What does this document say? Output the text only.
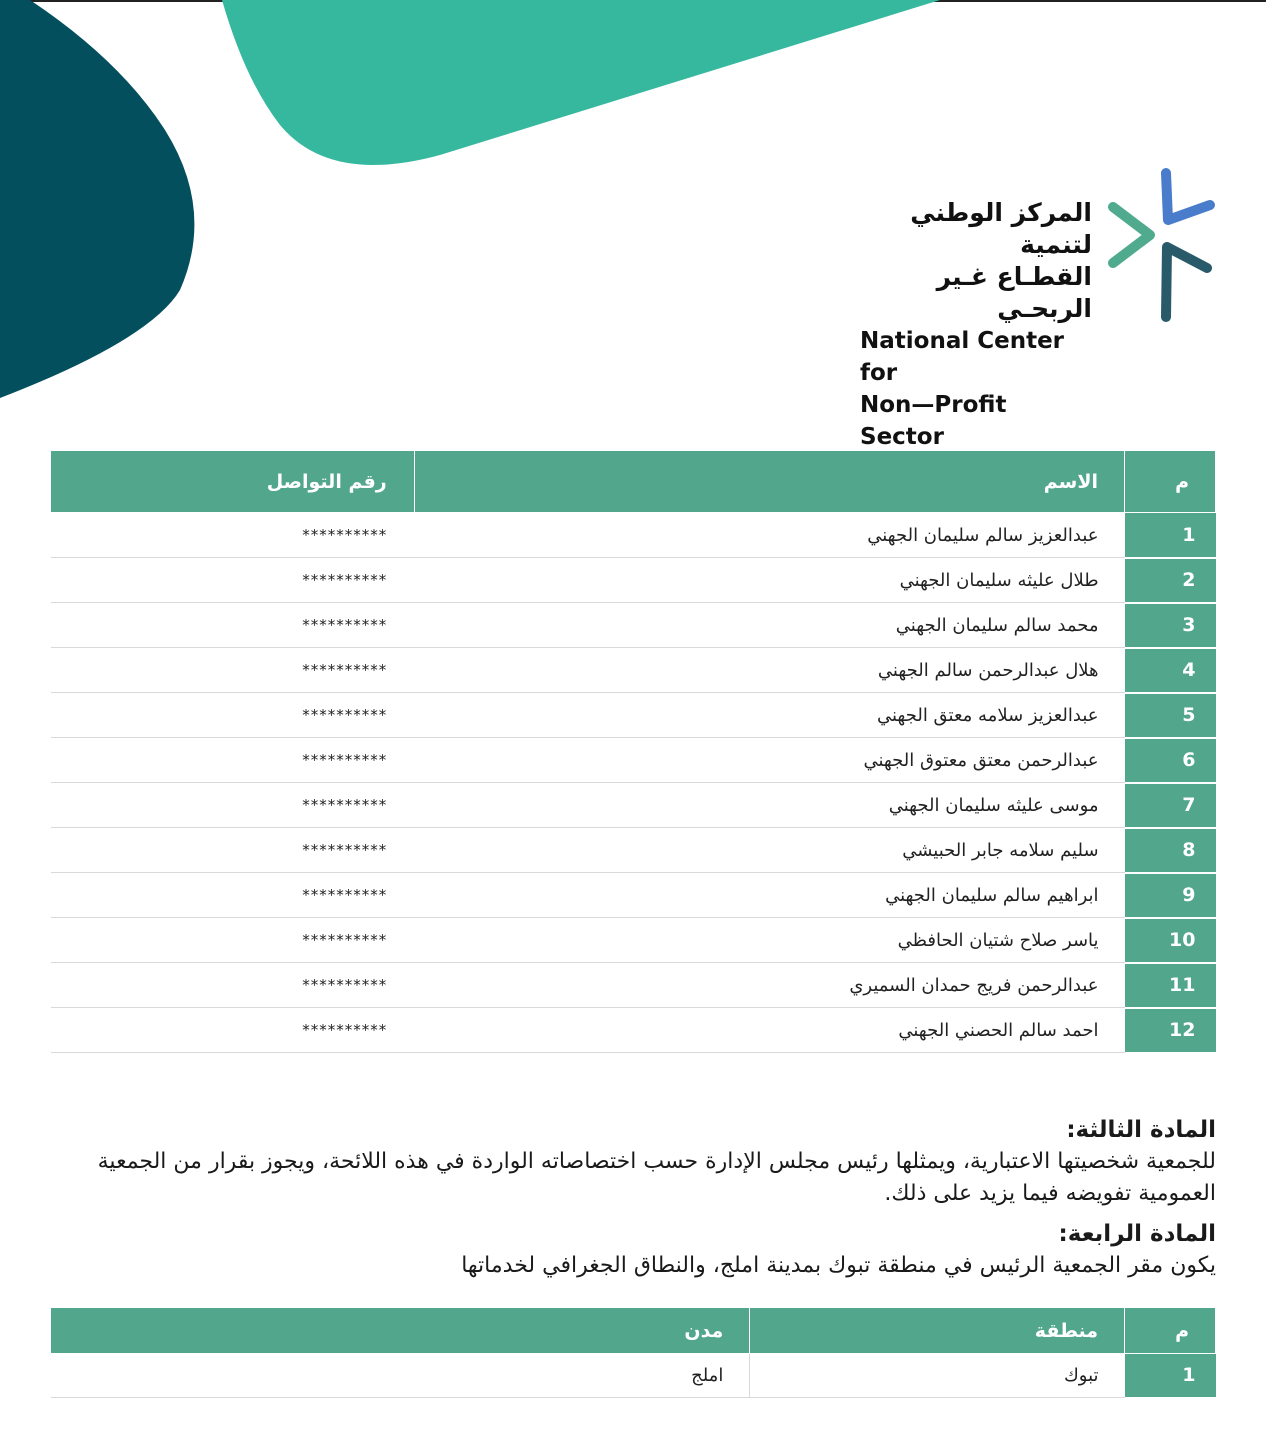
المركز الوطني لتنمية
القطـاع غـير الربحـي
National Center for
Non—Profit Sector
م	الاسم	رقم التواصل
1	عبدالعزيز سالم سليمان الجهني	**********
2	طلال عليثه سليمان الجهني	**********
3	محمد سالم سليمان الجهني	**********
4	هلال عبدالرحمن سالم الجهني	**********
5	عبدالعزيز سلامه معتق الجهني	**********
6	عبدالرحمن معتق معتوق الجهني	**********
7	موسى عليثه سليمان الجهني	**********
8	سليم سلامه جابر الحبيشي	**********
9	ابراهيم سالم سليمان الجهني	**********
10	ياسر صلاح شتيان الحافظي	**********
11	عبدالرحمن فريج حمدان السميري	**********
12	احمد سالم الحصني الجهني	**********
المادة الثالثة:
للجمعية شخصيتها الاعتبارية، ويمثلها رئيس مجلس الإدارة حسب اختصاصاته الواردة في هذه اللائحة، ويجوز بقرار من الجمعية العمومية تفويضه فيما يزيد على ذلك.
المادة الرابعة:
يكون مقر الجمعية الرئيس في منطقة تبوك بمدينة املج، والنطاق الجغرافي لخدماتها
م	منطقة	مدن
1	تبوك	املج
